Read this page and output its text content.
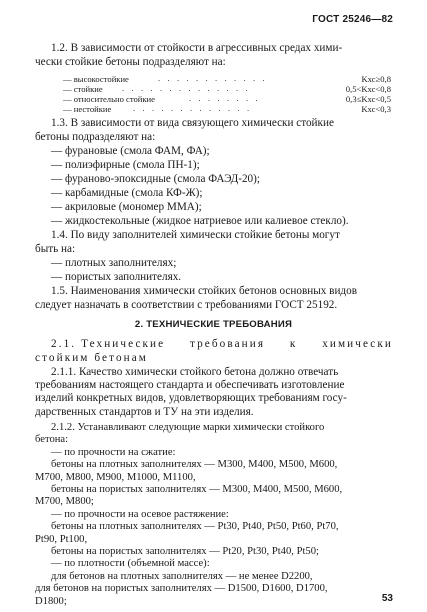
ГОСТ 25246—82
1.2. В зависимости от стойкости в агрессивных средах хими-
чески стойкие бетоны подразделяют на:
— высокостойкие	. . . . . . . . . . . .	Kхс≥0,8
— стойкие . . . . . . . . . . . . . .	0,5<Kхс<0,8
— относительно стойкие	. . . . . . . .	0,3≤Kхс<0,5
— нестойкие	. . . . . . . . . . . . .	Kхс<0,3
1.3. В зависимости от вида связующего химически стойкие
бетоны подразделяют на:
— фурановые (смола ФАМ, ФА);
— полиэфирные (смола ПН-1);
— фураново-эпоксидные (смола ФАЭД-20);
— карбамидные (смола КФ-Ж);
— акриловые (мономер ММА);
— жидкостекольные (жидкое натриевое или калиевое стекло).
1.4. По виду заполнителей химически стойкие бетоны могут
быть на:
— плотных заполнителях;
— пористых заполнителях.
1.5. Наименования химически стойких бетонов основных видов
следует назначать в соответствии с требованиями ГОСТ 25192.
2. ТЕХНИЧЕСКИЕ ТРЕБОВАНИЯ
2.1. Технические требования к химически
стойким бетонам
2.1.1. Качество химически стойкого бетона должно отвечать
требованиям настоящего стандарта и обеспечивать изготовление
изделий конкретных видов, удовлетворяющих требованиям госу-
дарственных стандартов и ТУ на эти изделия.
2.1.2. Устанавливают следующие марки химически стойкого
бетона:
— по прочности на сжатие:
бетоны на плотных заполнителях — М300, М400, М500, М600,
М700, М800, М900, М1000, М1100,
бетоны на пористых заполнителях — М300, М400, М500, М600,
М700, М800;
— по прочности на осевое растяжение:
бетоны на плотных заполнителях — Pt30, Pt40, Pt50, Pt60, Pt70,
Pt90, Pt100,
бетоны на пористых заполнителях — Pt20, Pt30, Pt40, Pt50;
— по плотности (объемной массе):
для бетонов на плотных заполнителях — не менее D2200,
53
для бетонов на пористых заполнителях — D1500, D1600, D1700,
D1800;
